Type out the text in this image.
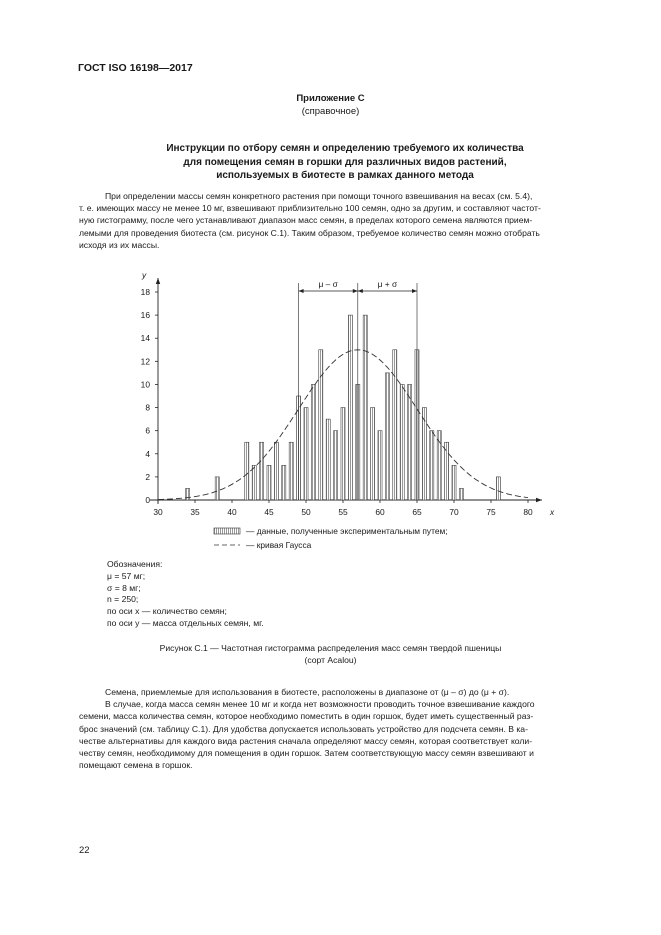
ГОСТ ISO 16198—2017
Приложение С
(справочное)
Инструкции по отбору семян и определению требуемого их количества
для помещения семян в горшки для различных видов растений,
используемых в биотесте в рамках данного метода
При определении массы семян конкретного растения при помощи точного взвешивания на весах (см. 5.4),
т. е. имеющих массу не менее 10 мг, взвешивают приблизительно 100 семян, одно за другим, и составляют частот-
ную гистограмму, после чего устанавливают диапазон масс семян, в пределах которого семена являются прием-
лемыми для проведения биотеста (см. рисунок С.1). Таким образом, требуемое количество семян можно отобрать
исходя из их массы.
30	35	40	45	50	55	60	65	70	75	80
0
2
4
6
8
10
12
14
16
18
y
x
μ – σ	μ + σ
— данные, полученные экспериментальным путем;
— кривая Гаусса
Обозначения:
μ = 57 мг;
σ = 8 мг;
n = 250;
по оси x — количество семян;
по оси y — масса отдельных семян, мг.
Рисунок С.1 — Частотная гистограмма распределения масс семян твердой пшеницы
(сорт Acalou)
Семена, приемлемые для использования в биотесте, расположены в диапазоне от (μ – σ) до (μ + σ).
В случае, когда масса семян менее 10 мг и когда нет возможности проводить точное взвешивание каждого
семени, масса количества семян, которое необходимо поместить в один горшок, будет иметь существенный раз-
брос значений (см. таблицу С.1). Для удобства допускается использовать устройство для подсчета семян. В ка-
честве альтернативы для каждого вида растения сначала определяют массу семян, которая соответствует коли-
честву семян, необходимому для помещения в один горшок. Затем соответствующую массу семян взвешивают и
помещают семена в горшок.
22
